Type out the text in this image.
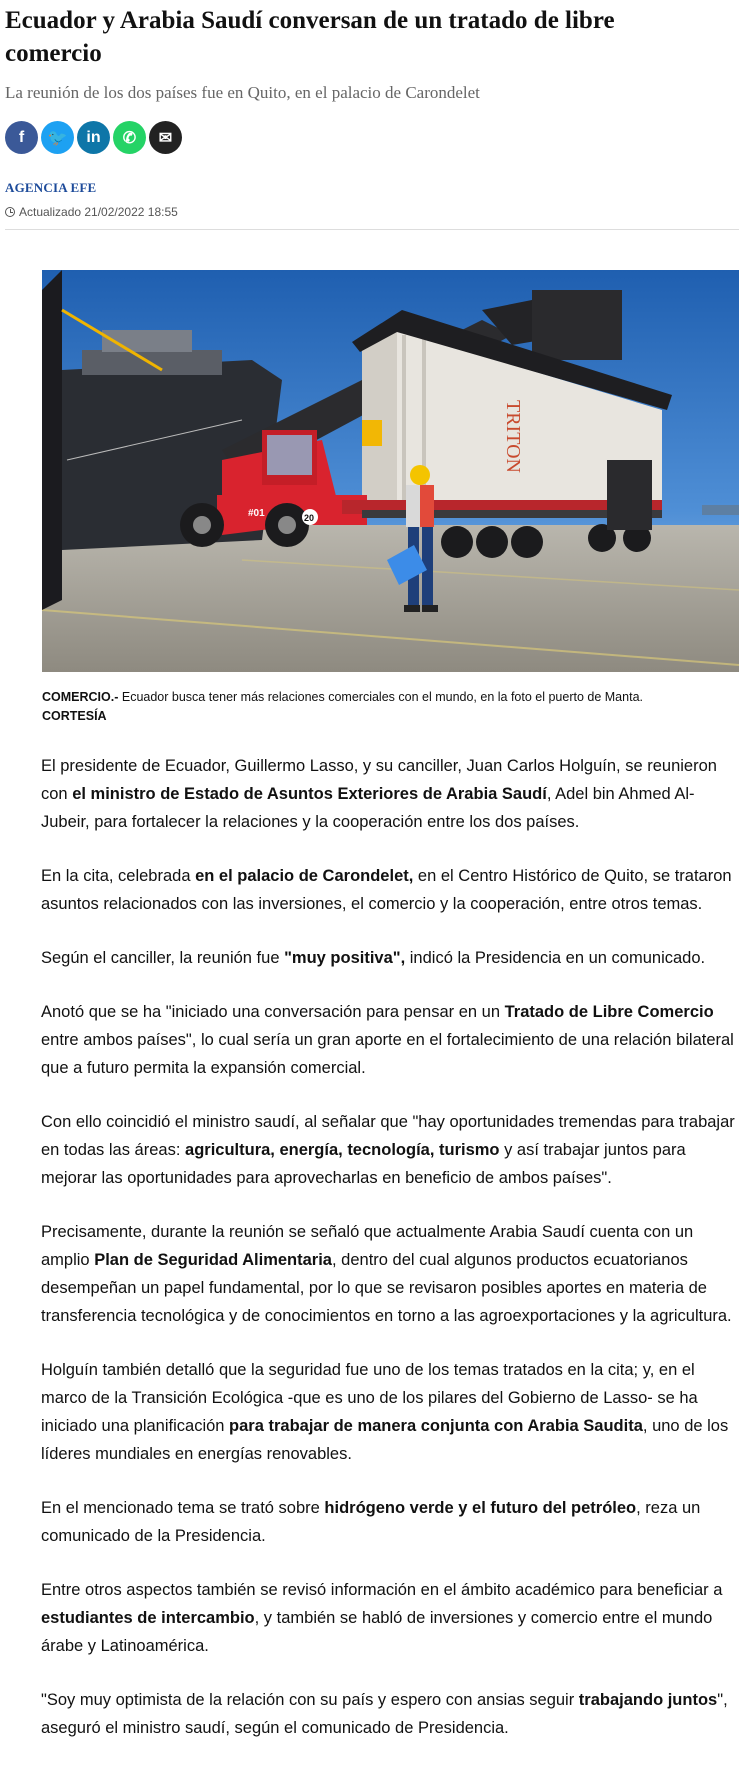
Ecuador y Arabia Saudí conversan de un tratado de libre comercio

La reunión de los dos países fue en Quito, en el palacio de Carondelet

f 🐦 in ✆ ✉
AGENCIA EFE
Actualizado 21/02/2022 18:55
TRITON
#01	20
COMERCIO.- Ecuador busca tener más relaciones comerciales con el mundo, en la foto el puerto de Manta. CORTESÍA

El presidente de Ecuador, Guillermo Lasso, y su canciller, Juan Carlos Holguín, se reunieron con el ministro de Estado de Asuntos Exteriores de Arabia Saudí, Adel bin Ahmed Al-Jubeir, para fortalecer la relaciones y la cooperación entre los dos países.

En la cita, celebrada en el palacio de Carondelet, en el Centro Histórico de Quito, se trataron asuntos relacionados con las inversiones, el comercio y la cooperación, entre otros temas.

Según el canciller, la reunión fue "muy positiva", indicó la Presidencia en un comunicado.

Anotó que se ha "iniciado una conversación para pensar en un Tratado de Libre Comercio entre ambos países", lo cual sería un gran aporte en el fortalecimiento de una relación bilateral que a futuro permita la expansión comercial.

Con ello coincidió el ministro saudí, al señalar que "hay oportunidades tremendas para trabajar en todas las áreas: agricultura, energía, tecnología, turismo y así trabajar juntos para mejorar las oportunidades para aprovecharlas en beneficio de ambos países".

Precisamente, durante la reunión se señaló que actualmente Arabia Saudí cuenta con un amplio Plan de Seguridad Alimentaria, dentro del cual algunos productos ecuatorianos desempeñan un papel fundamental, por lo que se revisaron posibles aportes en materia de transferencia tecnológica y de conocimientos en torno a las agroexportaciones y la agricultura.

Holguín también detalló que la seguridad fue uno de los temas tratados en la cita; y, en el marco de la Transición Ecológica -que es uno de los pilares del Gobierno de Lasso- se ha iniciado una planificación para trabajar de manera conjunta con Arabia Saudita, uno de los líderes mundiales en energías renovables.

En el mencionado tema se trató sobre hidrógeno verde y el futuro del petróleo, reza un comunicado de la Presidencia.

Entre otros aspectos también se revisó información en el ámbito académico para beneficiar a estudiantes de intercambio, y también se habló de inversiones y comercio entre el mundo árabe y Latinoamérica.

"Soy muy optimista de la relación con su país y espero con ansias seguir trabajando juntos", aseguró el ministro saudí, según el comunicado de Presidencia.
